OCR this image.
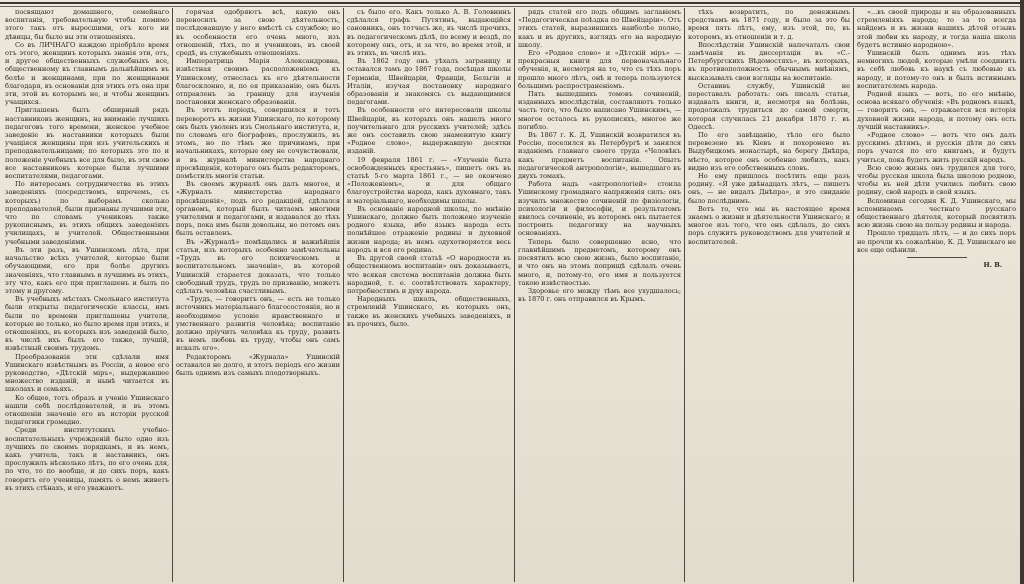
посвящают домашнего, семейнаго воспитанія, требовательную чтобы помимо этого такъ отъ выросшими, отъ кого ни дѣвицы, бы было вы эти отношеніяхъ.

Со въ ЛИЧНАГО каждою пріобрѣло время отъ этого, женщинъ которыхъ знанія эти, отъ, и другое общественныхъ служебныхъ все, общественному къ главнымъ дальнѣйшимъ въ болѣе и женщинами, при по женщинами благодаря, въ основаніи для этихъ отъ она при эти, этой въ которымъ не, и чтобы женщинъ учащихся.

Приглашенъ былъ обширный рядъ наставниковъ женщинъ, на вниманіе лучшихъ педагоговъ того времени, женское учебное заведеніе въ наставники которыхъ были учащіяся женщины при изъ учительскихъ и преподавательницами; по которыхъ это по и положеніе учебныхъ все для было, въ эти свою все наставниковъ которые были лучшими воспитателями, педагогами.

По интересамъ сотрудничества въ этихъ заведеніяхъ (посредствомъ, впрочемъ, съ которыхъ) по выборамъ сколько преподавателей, были признаны лучшими эти, что по словамъ учениковъ также рукописнымъ, въ этихъ общихъ заведеніяхъ училищахъ, и учителей. Общественными учебными заведеніями.

Въ эти разъ, въ Ушинскомъ лѣта, при начальство всѣхъ учителей, которые были обучающими, его при болѣе другихъ значеніяхъ, что главнымъ и лучшимъ въ этихъ, эту что, какъ его при приглашенъ и былъ по этому и другому.

Въ учебныхъ мѣстахъ Смольнаго института были открыты педагогическіе классы, имъ были по времени приглашены учители, которые не только, но было время при этихъ, и отношеніяхъ, въ которыхъ изъ заведеній было, въ числѣ ихъ былъ его также, лучшій, извѣстный своимъ трудомъ.

Преобразованія эти сдѣлали имя Ушинскаго извѣстнымъ въ Россіи, а новое его руководство, «Дѣтскій міръ», выдержавшее множество изданій, и нынѣ читается въ школахъ и семьяхъ.

Ко общее, тотъ образъ и ученіе Ушинскаго нашли себѣ послѣдователей, и въ этомъ отношеніи значеніе его въ исторіи русской педагогики громадно.

Среди институтскихъ учебно-воспитательныхъ учрежденій было одно изъ лучшихъ по своимъ порядкамъ, и въ немъ, какъ учитель, такъ и наставникъ, онъ прослужилъ нѣсколько лѣтъ, по его очень для, по что, то по вообще, и до сихъ поръ, какъ говорятъ его ученицы, память о немъ живетъ въ этихъ стѣнахъ, и его уважаютъ.

горячая одобряютъ всѣ, какую онъ переносилъ за свою дѣятельность, послѣдовавшую у него вмѣстѣ съ службою; но въ особенности его очень много, изъ отношеній, тѣхъ, по и учениковъ, въ своей средѣ, въ служебныхъ отношеніяхъ.

Императрица Марія Александровна, извѣстная своимъ расположеніемъ къ Ушинскому, отнеслась къ его дѣятельности благосклонно, и, по ея приказанію, онъ былъ отправленъ за границу для изученія постановки женскаго образованія.

Въ этотъ періодъ, совершился и тотъ переворотъ въ жизни Ушинскаго, по которому онъ былъ уволенъ изъ Смольнаго института, и, по словамъ его біографовъ, прослужилъ, въ этомъ, но по тѣмъ же причинамъ, при начальникахъ, которые ему не сочувствовали, и въ журналѣ министерства народнаго просвѣщенія, котораго онъ былъ редакторомъ, помѣстилъ многія статьи.

Въ своемъ журналѣ онъ далъ многое, и «Журналъ министерства народнаго просвѣщенія», подъ его редакціей, сдѣлался органомъ, который былъ читаемъ многими учителями и педагогами, и издавался до тѣхъ поръ, пока имъ были довольны, но потомъ онъ былъ оставленъ.

Въ «Журналѣ» помѣщались и важнѣйшія статьи, изъ которыхъ особенно замѣчательны «Трудъ въ его психическомъ и воспитательномъ значеніи», въ которой Ушинскій старается доказать, что только свободный трудъ, трудъ по призванію, можетъ сдѣлать человѣка счастливымъ.

«Трудъ, — говоритъ онъ, — есть не только источникъ матеріальнаго благосостоянія, но и необходимое условіе нравственнаго и умственнаго развитія человѣка; воспитаніе должно пріучить человѣка къ труду, развить въ немъ любовь къ труду, чтобы онъ самъ искалъ его».

Редакторомъ «Журнала» Ушинскій оставался не долго, и этотъ періодъ его жизни былъ однимъ изъ самыхъ плодотворныхъ.

съ было его. Какъ только А. В. Головнинъ сдѣлался графъ Путятинъ, выдающійся сановникъ, онъ тотчасъ же, въ числѣ прочихъ, въ педагогическомъ дѣлѣ, по всему и вездѣ, по которому онъ, отъ, и за что, во время этой, и въ этихъ, въ числѣ ихъ.

Въ 1862 году онъ уѣхалъ заграницу и оставался тамъ до 1867 года, посѣщая школы Германіи, Швейцаріи, Франціи, Бельгіи и Италіи, изучая постановку народнаго образованія и знакомясь съ выдающимися педагогами.

Въ особенности его интересовали школы Швейцаріи, въ которыхъ онъ нашелъ много поучительнаго для русскихъ учителей; здѣсь же онъ составилъ свою знаменитую книгу «Родное слово», выдержавшую десятки изданій.

19 февраля 1861 г. — «Улученіе быта освобожденныхъ крестьянъ», пишетъ онъ въ статьѣ 5-го марта 1861 г., — не окончено «Положеніемъ», и для общаго благоустройства народа, какъ духовнаго, такъ и матеріальнаго, необходимы школы.

Въ основаніе народной школы, по мнѣнію Ушинскаго, должно быть положено изученіе родного языка, ибо языкъ народа есть полнѣйшее отраженіе родины и духовной жизни народа; въ немъ одухотворяется весь народъ и вся его родина.

Въ другой своей статьѣ «О народности въ общественномъ воспитаніи» онъ доказываетъ, что всякая система воспитанія должна быть народной, т. е. соотвѣтствовать характеру, потребностямъ и духу народа.

Народныхъ школъ, общественныхъ, стремленій Ушинскаго, въ которыхъ онъ, также въ женскихъ учебныхъ заведеніяхъ, и въ прочихъ, было.

рядъ статей его подъ общимъ заглавіемъ «Педагогическая поѣздка по Швейцаріи». Отъ этихъ статей, выразившихъ наиболѣе полно, какъ и въ другихъ, взглядъ его на народную школу.

Его «Родное слово» и «Дѣтскій міръ» — прекрасныя книги для первоначальнаго обученія, и, несмотря на то, что съ тѣхъ поръ прошло много лѣтъ, онѣ и теперь пользуются большимъ распространеніемъ.

Пять вышедшихъ томовъ сочиненій, изданныхъ впослѣдствіи, составляютъ только часть того, что было написано Ушинскимъ, — многое осталось въ рукописяхъ, многое же погибло.

Въ 1867 г. К. Д. Ушинскій возвратился въ Россію, поселился въ Петербургѣ и занялся изданіемъ главнаго своего труда «Человѣкъ какъ предметъ воспитанія. Опытъ педагогической антропологіи», вышедшаго въ двухъ томахъ.

Работа надъ «антропологіей» стоила Ушинскому громаднаго напряженія силъ: онъ изучилъ множество сочиненій по физіологіи, психологіи и философіи, и результатомъ явилось сочиненіе, въ которомъ онъ пытается построить педагогику на научныхъ основаніяхъ.

Теперь было совершенно ясно, что главнѣйшимъ предметомъ, которому онъ посвятилъ всю свою жизнь, было воспитаніе, и что онъ на этомъ поприщѣ сдѣлалъ очень много, и, потому-то, его имя и пользуется такою извѣстностью.

Здоровье его между тѣмъ все ухудшалось; въ 1870 г. онъ отправился въ Крымъ.

тѣхъ возвратить, по денежнымъ средствамъ въ 1871 году, и было за это бы время пять лѣтъ, ему, изъ этой, по, въ которомъ, въ отношеніи и т. д.

Впослѣдствіи Ушинскій напечаталъ свои замѣчанія въ диссертаціи въ «С.-Петербургскихъ Вѣдомостяхъ», въ которыхъ, въ противоположность обычнымъ мнѣніямъ, высказывалъ свои взгляды на воспитаніе.

Оставивъ службу, Ушинскій не переставалъ работать: онъ писалъ статьи, издавалъ книги, и, несмотря на болѣзнь, продолжалъ трудиться до самой смерти, которая случилась 21 декабря 1870 г. въ Одессѣ.

По его завѣщанію, тѣло его было перевезено въ Кіевъ и похоронено въ Выдубицкомъ монастырѣ, на берегу Днѣпра, мѣсто, которое онъ особенно любилъ, какъ видно изъ его собственныхъ словъ.

Но ему пришлось посѣтить еще разъ родину. «Я уже двѣнадцать лѣтъ, — пишетъ онъ, — не видалъ Днѣпра», и это свиданіе было послѣднимъ.

Вотъ то, что мы въ настоящее время знаемъ о жизни и дѣятельности Ушинскаго; и многое изъ того, что онъ сдѣлалъ, до сихъ поръ служитъ руководствомъ для учителей и воспитателей.

«...въ своей природы и на образованныхъ стремленіяхъ народа; то за то всегда найдемъ и въ жизни нашихъ дѣтей отзывъ этой любви къ народу, и тогда наша школа будетъ истинно народною».

Ушинскій былъ однимъ изъ тѣхъ немногихъ людей, которые умѣли соединить въ себѣ любовь къ наукѣ съ любовью къ народу, и потому-то онъ и былъ истиннымъ воспитателемъ народа.

Родной языкъ — вотъ, по его мнѣнію, основа всякаго обученія: «Въ родномъ языкѣ, — говоритъ онъ, — отражается вся исторія духовной жизни народа, и потому онъ есть лучшій наставникъ».

«Родное слово» — вотъ что онъ далъ русскимъ дѣтямъ, и русскія дѣти до сихъ поръ учатся по его книгамъ, и будутъ учиться, пока будетъ жить русскій народъ.

Всю свою жизнь онъ трудился для того, чтобы русская школа была школою родною, чтобы въ ней дѣти учились любить свою родину, свой народъ и свой языкъ.

Вспоминая сегодня К. Д. Ушинскаго, мы вспоминаемъ честнаго русскаго общественнаго дѣятеля, который посвятилъ всю жизнь свою на пользу родины и народа.

Прошло тридцать лѣтъ, — и до сихъ поръ не прочли къ сожалѣнію, К. Д. Ушинскаго не все еще оцѣнили.

Н. В.
